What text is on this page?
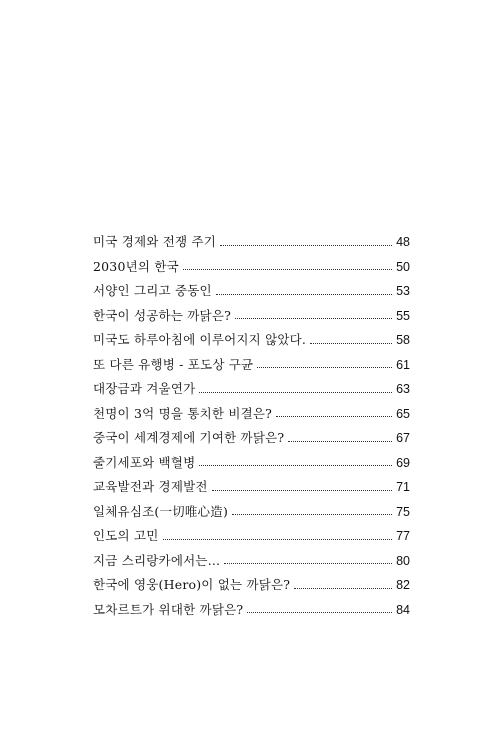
미국 경제와 전쟁 주기	48
2030년의 한국	50
서양인 그리고 중동인	53
한국이 성공하는 까닭은?	55
미국도 하루아침에 이루어지지 않았다.	58
또 다른 유행병 - 포도상 구균	61
대장금과 겨울연가	63
천명이 3억 명을 통치한 비결은?	65
중국이 세계경제에 기여한 까닭은?	67
줄기세포와 백혈병	69
교육발전과 경제발전	71
일체유심조(一切唯心造)	75
인도의 고민	77
지금 스리랑카에서는…	80
한국에 영웅(Hero)이 없는 까닭은?	82
모차르트가 위대한 까닭은?	84
